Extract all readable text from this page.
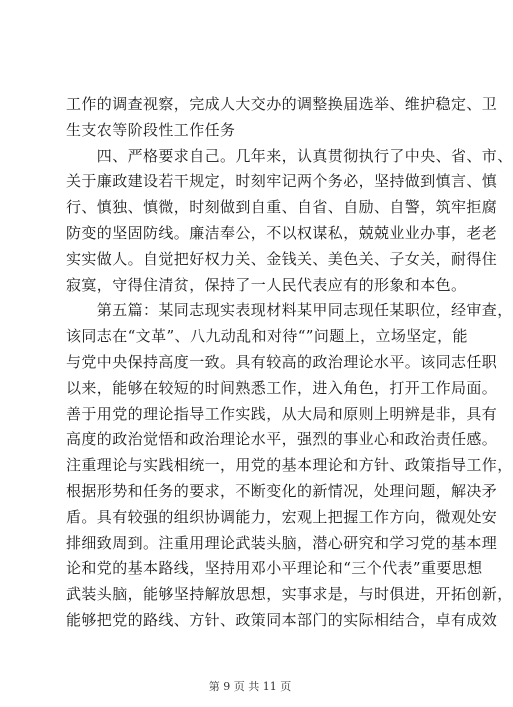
工作的调查视察，完成人大交办的调整换届选举、维护稳定、卫
生支农等阶段性工作任务
　　四、严格要求自己。几年来，认真贯彻执行了中央、省、市、
关于廉政建设若干规定，时刻牢记两个务必，坚持做到慎言、慎
行、慎独、慎微，时刻做到自重、自省、自励、自警，筑牢拒腐
防变的坚固防线。廉洁奉公，不以权谋私，兢兢业业办事，老老
实实做人。自觉把好权力关、金钱关、美色关、子女关，耐得住
寂寞，守得住清贫，保持了一人民代表应有的形象和本色。
　　第五篇：某同志现实表现材料某甲同志现任某职位，经审查，
该同志在“文革”、八九动乱和对待“”问题上，立场坚定，能
与党中央保持高度一致。具有较高的政治理论水平。该同志任职
以来，能够在较短的时间熟悉工作，进入角色，打开工作局面。
善于用党的理论指导工作实践，从大局和原则上明辨是非，具有
高度的政治觉悟和政治理论水平，强烈的事业心和政治责任感。
注重理论与实践相统一，用党的基本理论和方针、政策指导工作，
根据形势和任务的要求，不断变化的新情况，处理问题，解决矛
盾。具有较强的组织协调能力，宏观上把握工作方向，微观处安
排细致周到。注重用理论武装头脑，潜心研究和学习党的基本理
论和党的基本路线，坚持用邓小平理论和“三个代表”重要思想
武装头脑，能够坚持解放思想，实事求是，与时俱进，开拓创新，
能够把党的路线、方针、政策同本部门的实际相结合，卓有成效
第 9 页 共 11 页
